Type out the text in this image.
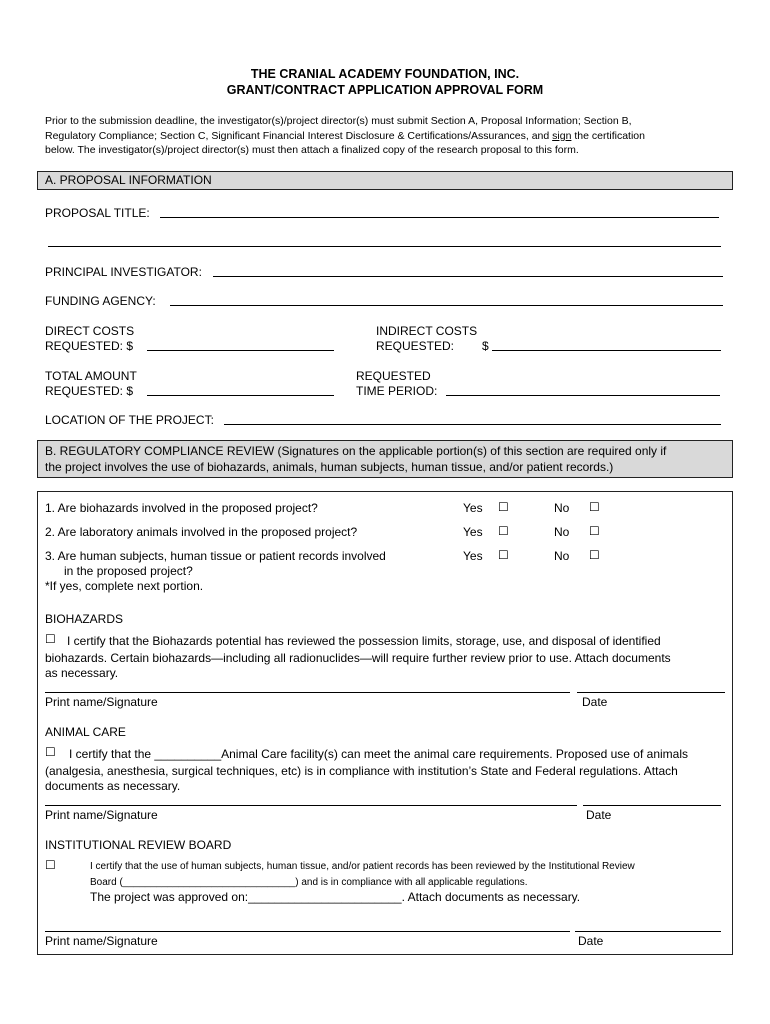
THE CRANIAL ACADEMY FOUNDATION, INC.
GRANT/CONTRACT APPLICATION APPROVAL FORM
Prior to the submission deadline, the investigator(s)/project director(s) must submit Section A, Proposal Information; Section B,
Regulatory Compliance; Section C, Significant Financial Interest Disclosure & Certifications/Assurances, and sign the certification
below. The investigator(s)/project director(s) must then attach a finalized copy of the research proposal to this form.
A. PROPOSAL INFORMATION
PROPOSAL TITLE:
PRINCIPAL INVESTIGATOR:
FUNDING AGENCY:
DIRECT COSTS
REQUESTED: $
INDIRECT COSTS
REQUESTED: $
TOTAL AMOUNT
REQUESTED: $
REQUESTED
TIME PERIOD:
LOCATION OF THE PROJECT:
B. REGULATORY COMPLIANCE REVIEW (Signatures on the applicable portion(s) of this section are required only if
the project involves the use of biohazards, animals, human subjects, human tissue, and/or patient records.)
1. Are biohazards involved in the proposed project?	Yes ☐	No ☐
2. Are laboratory animals involved in the proposed project?	Yes ☐	No ☐
3. Are human subjects, human tissue or patient records involved
in the proposed project?
*If yes, complete next portion.
Yes ☐	No ☐
BIOHAZARDS
☐ I certify that the Biohazards potential has reviewed the possession limits, storage, use, and disposal of identified
biohazards. Certain biohazards—including all radionuclides—will require further review prior to use. Attach documents
as necessary.
Print name/Signature	Date
ANIMAL CARE
☐ I certify that the __________Animal Care facility(s) can meet the animal care requirements. Proposed use of animals
(analgesia, anesthesia, surgical techniques, etc) is in compliance with institution’s State and Federal regulations. Attach
documents as necessary.
Print name/Signature	Date
INSTITUTIONAL REVIEW BOARD
☐	I certify that the use of human subjects, human tissue, and/or patient records has been reviewed by the Institutional Review
Board (_______________________________) and is in compliance with all applicable regulations.
The project was approved on:_______________________. Attach documents as necessary.
Print name/Signature	Date
